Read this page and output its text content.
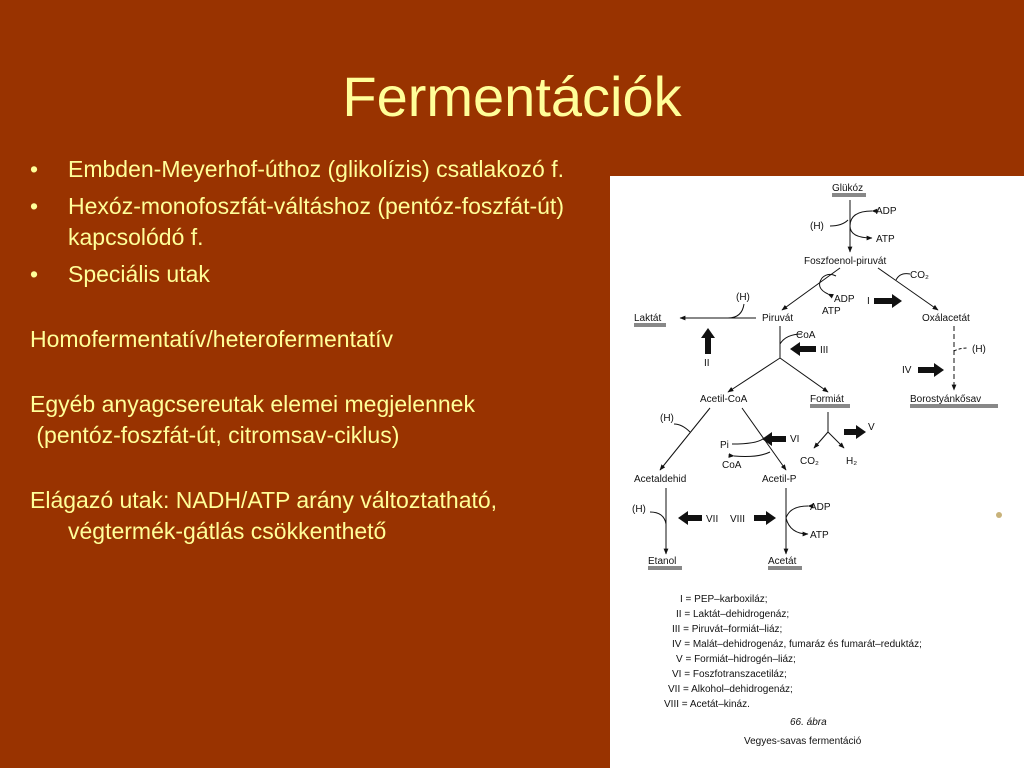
Fermentációk
• Embden-Meyerhof-úthoz (glikolízis) csatlakozó f.
• Hexóz-monofoszfát-váltáshoz (pentóz-foszfát-út) kapcsolódó f.
• Speciális utak
Homofermentatív/heterofermentatív
Egyéb anyagcsereutak elemei megjelennek
(pentóz-foszfát-út, citromsav-ciklus)
Elágazó utak: NADH/ATP arány változtatható, végtermék-gátlás csökkenthető
Glükóz
Foszfoenol-piruvát
Laktát	Piruvát	Oxálacetát
Acetil-CoA	Formiát	Borostyánkősav
Acetaldehid	Acetil-P
Etanol	Acetát
(H)
ADP
ATP
ADP
ATP
CO₂
I
(H)
II
(H)
IV
CoA
III
(H)
Pi
CoA
VI
CO₂	H₂
V
(H)
VII
ADP
ATP
VIII
I = PEP–karboxiláz;
II = Laktát–dehidrogenáz;
III = Piruvát–formiát–liáz;
IV = Malát–dehidrogenáz, fumaráz és fumarát–reduktáz;
V = Formiát–hidrogén–liáz;
VI = Foszfotranszacetiláz;
VII = Alkohol–dehidrogenáz;
VIII = Acetát–kináz.
66. ábra
Vegyes-savas fermentáció
